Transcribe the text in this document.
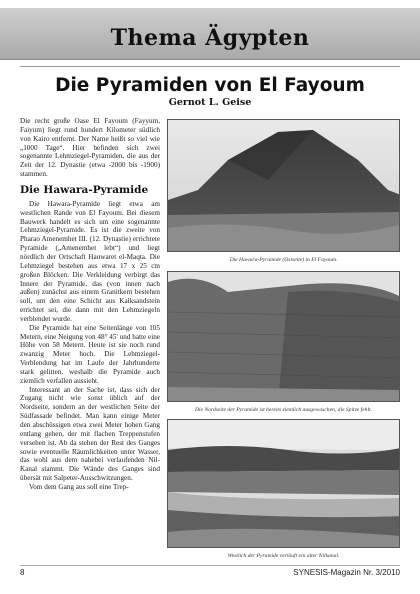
Thema Ägypten
Die Pyramiden von El Fayoum
Gernot L. Geise

Die recht große Oase El Fayoum (Fayyum, Faiyum) liegt rund hundert Kilometer südlich von Kairo entfernt. Der Name heißt so viel wie „1000 Tage“. Hier befinden sich zwei sogenannte Lehmziegel-Pyramiden, die aus der Zeit der 12. Dynastie (etwa -2000 bis -1900) stammen.

Die Hawara-Pyramide

Die Hawara-Pyramide liegt etwa am westlichen Rande von El Fayoum. Bei diesem Bauwerk handelt es sich um eine sogenannte Lehmziegel-Pyramide. Es ist die zweite von Pharao Amenemhet III. (12. Dynastie) errichtete Pyramide („Amenemhet lebt“) und liegt nördlich der Ortschaft Hauwaret el-Maqta. Die Lehmziegel bestehen aus etwa 17 x 25 cm großen Blöcken. Die Verkleidung verbirgt das Innere der Pyramide, das (von innen nach außen) zunächst aus einem Granitkern bestehen soll, um den eine Schicht aus Kalksandstein errichtet sei, die dann mit den Lehmziegeln verblendet wurde.

Die Pyramide hat eine Seitenlänge von 105 Metern, eine Neigung von 48° 45' und hatte eine Höhe von 58 Metern. Heute ist sie noch rund zwanzig Meter hoch. Die Lehmziegel-Verblendung hat im Laufe der Jahrhunderte stark gelitten, weshalb die Pyramide auch ziemlich verfallen aussieht.

Interessant an der Sache ist, dass sich der Zugang nicht wie sonst üblich auf der Nordseite, sondern an der westlichen Seite der Südfassade befindet. Man kann einige Meter den abschüssigen etwa zwei Meter hohen Gang entlang gehen, der mit flachen Treppenstufen versehen ist. Ab da stehen der Rest des Ganges sowie eventuelle Räumlichkeiten unter Wasser, das wohl aus dem nahebei verlaufenden Nil-Kanal stammt. Die Wände des Ganges sind übersät mit Salpeter-Ausschwitzungen.

Vom dem Gang aus soll eine Trep-

Die Hawara-Pyramide (Ostseite) in El Fayoum.
Die Nordseite der Pyramide ist bereits ziemlich ausgewaschen, die Spitze fehlt.
Westlich der Pyramide verläuft ein alter Nilkanal.
8	SYNESIS-Magazin Nr. 3/2010
